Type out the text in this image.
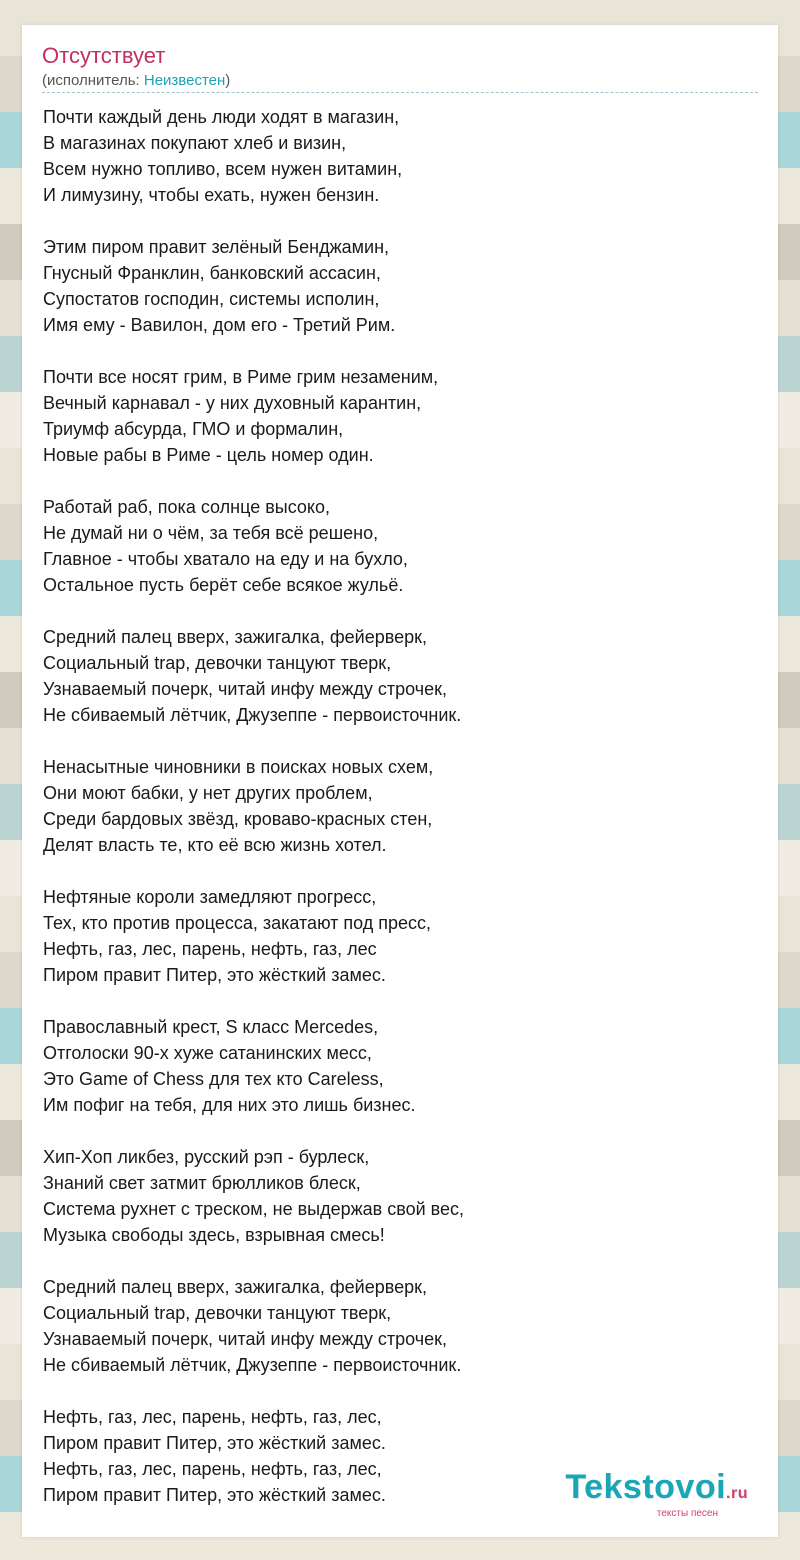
Отсутствует
(исполнитель: Неизвестен)
Почти каждый день люди ходят в магазин,
В магазинах покупают хлеб и визин,
Всем нужно топливо, всем нужен витамин,
И лимузину, чтобы ехать, нужен бензин.
Этим пиром правит зелёный Бенджамин,
Гнусный Франклин, банковский ассасин,
Супостатов господин, системы исполин,
Имя ему - Вавилон, дом его - Третий Рим.
Почти все носят грим, в Риме грим незаменим,
Вечный карнавал - у них духовный карантин,
Триумф абсурда, ГМО и формалин,
Новые рабы в Риме - цель номер один.
Работай раб, пока солнце высоко,
Не думай ни о чём, за тебя всё решено,
Главное - чтобы хватало на еду и на бухло,
Остальное пусть берёт себе всякое жульё.
Средний палец вверх, зажигалка, фейерверк,
Социальный trap, девочки танцуют тверк,
Узнаваемый почерк, читай инфу между строчек,
Не сбиваемый лётчик, Джузеппе - первоисточник.
Ненасытные чиновники в поисках новых схем,
Они моют бабки, у нет других проблем,
Среди бардовых звёзд, кроваво-красных стен,
Делят власть те, кто её всю жизнь хотел.
Нефтяные короли замедляют прогресс,
Тех, кто против процесса, закатают под пресс,
Нефть, газ, лес, парень, нефть, газ, лес
Пиром правит Питер, это жёсткий замес.
Православный крест, S класс Mercedes,
Отголоски 90-х хуже сатанинских месс,
Это Game of Chess для тех кто Careless,
Им пофиг на тебя, для них это лишь бизнес.
Хип-Хоп ликбез, русский рэп - бурлеск,
Знаний свет затмит брюлликов блеск,
Система рухнет с треском, не выдержав свой вес,
Музыка свободы здесь, взрывная смесь!
Средний палец вверх, зажигалка, фейерверк,
Социальный trap, девочки танцуют тверк,
Узнаваемый почерк, читай инфу между строчек,
Не сбиваемый лётчик, Джузеппе - первоисточник.
Нефть, газ, лес, парень, нефть, газ, лес,
Пиром правит Питер, это жёсткий замес.
Нефть, газ, лес, парень, нефть, газ, лес,
Пиром правит Питер, это жёсткий замес.	Tekstovoi.ru
тексты песен
